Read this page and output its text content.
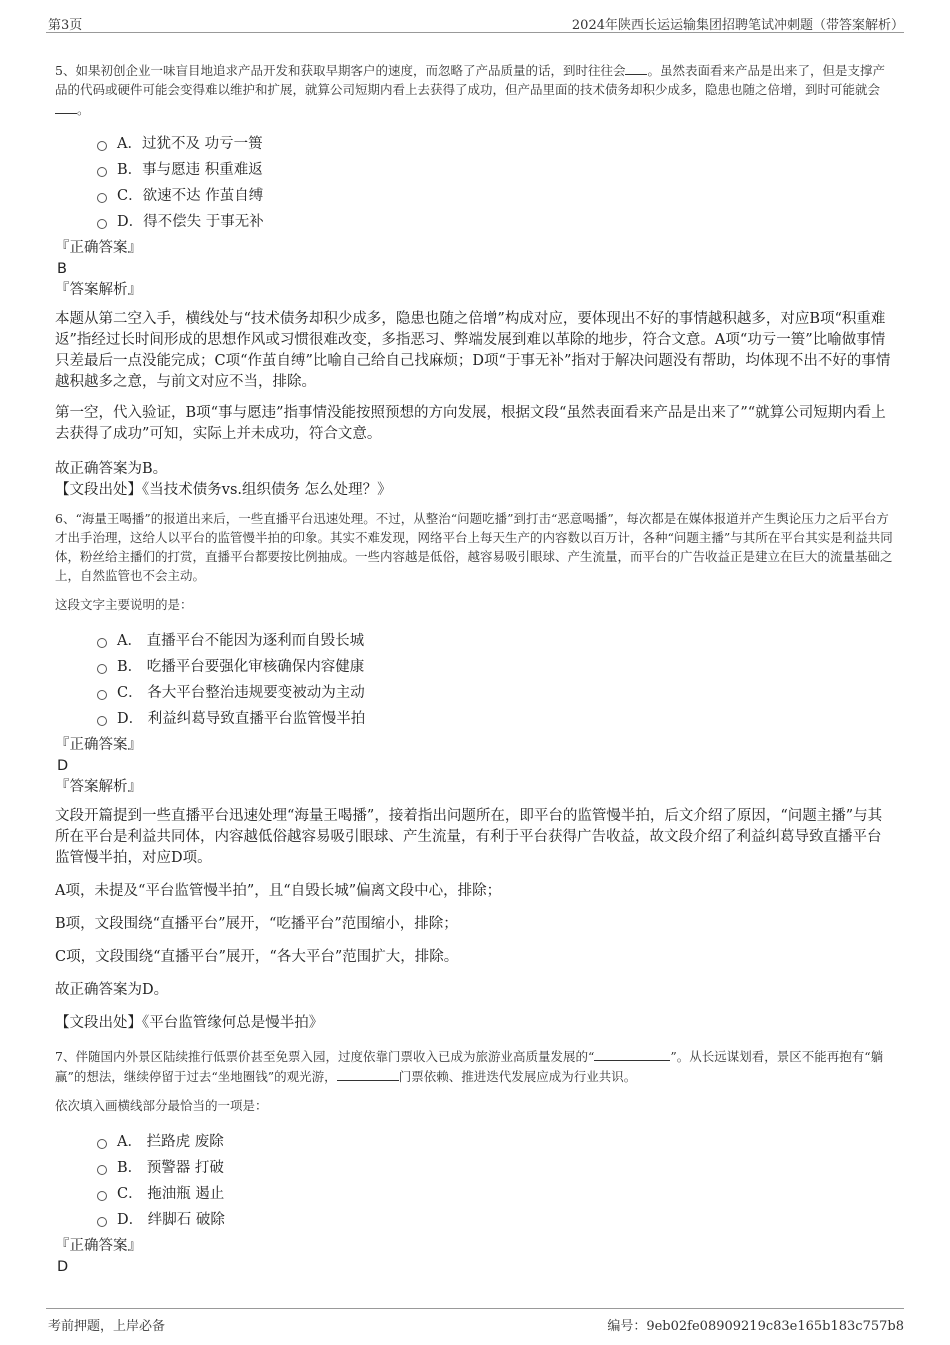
第3页	2024年陕西长运运输集团招聘笔试冲刺题（带答案解析）

5、如果初创企业一味盲目地追求产品开发和获取早期客户的速度，而忽略了产品质量的话，到时往往会 。虽然表面看来产品是出来了，但是支撑产品的代码或硬件可能会变得难以维护和扩展，就算公司短期内看上去获得了成功，但产品里面的技术债务却积少成多，隐患也随之倍增，到时可能就会。

A．过犹不及 功亏一篑
B．事与愿违 积重难返
C．欲速不达 作茧自缚
D．得不偿失 于事无补

『正确答案』

B

『答案解析』

本题从第二空入手，横线处与“技术债务却积少成多，隐患也随之倍增”构成对应，要体现出不好的事情越积越多，对应B项“积重难返”指经过长时间形成的思想作风或习惯很难改变，多指恶习、弊端发展到难以革除的地步，符合文意。A项“功亏一篑”比喻做事情只差最后一点没能完成；C项“作茧自缚”比喻自己给自己找麻烦；D项“于事无补”指对于解决问题没有帮助，均体现不出不好的事情越积越多之意，与前文对应不当，排除。

第一空，代入验证，B项“事与愿违”指事情没能按照预想的方向发展，根据文段“虽然表面看来产品是出来了”“就算公司短期内看上去获得了成功”可知，实际上并未成功，符合文意。

故正确答案为B。

【文段出处】《当技术债务vs.组织债务 怎么处理？》

6、“海量王喝播”的报道出来后，一些直播平台迅速处理。不过，从整治“问题吃播”到打击“恶意喝播”，每次都是在媒体报道并产生舆论压力之后平台方才出手治理，这给人以平台的监管慢半拍的印象。其实不难发现，网络平台上每天生产的内容数以百万计，各种“问题主播”与其所在平台其实是利益共同体，粉丝给主播们的打赏，直播平台都要按比例抽成。一些内容越是低俗，越容易吸引眼球、产生流量，而平台的广告收益正是建立在巨大的流量基础之上，自然监管也不会主动。

这段文字主要说明的是：

A． 直播平台不能因为逐利而自毁长城
B． 吃播平台要强化审核确保内容健康
C． 各大平台整治违规要变被动为主动
D． 利益纠葛导致直播平台监管慢半拍

『正确答案』

D

『答案解析』

文段开篇提到一些直播平台迅速处理“海量王喝播”，接着指出问题所在，即平台的监管慢半拍，后文介绍了原因，“问题主播”与其所在平台是利益共同体，内容越低俗越容易吸引眼球、产生流量，有利于平台获得广告收益，故文段介绍了利益纠葛导致直播平台监管慢半拍，对应D项。

A项，未提及“平台监管慢半拍”，且“自毁长城”偏离文段中心，排除；

B项，文段围绕“直播平台”展开，“吃播平台”范围缩小，排除；

C项，文段围绕“直播平台”展开，“各大平台”范围扩大，排除。

故正确答案为D。

【文段出处】《平台监管缘何总是慢半拍》

7、伴随国内外景区陆续推行低票价甚至免票入园，过度依靠门票收入已成为旅游业高质量发展的“	”。从长远谋划看，景区不能再抱有“躺赢”的想法，继续停留于过去“坐地圈钱”的观光游，	门票依赖、推进迭代发展应成为行业共识。

依次填入画横线部分最恰当的一项是：

A． 拦路虎 废除
B． 预警器 打破
C． 拖油瓶 遏止
D． 绊脚石 破除

『正确答案』

D

考前押题，上岸必备	编号：9eb02fe08909219c83e165b183c757b8
